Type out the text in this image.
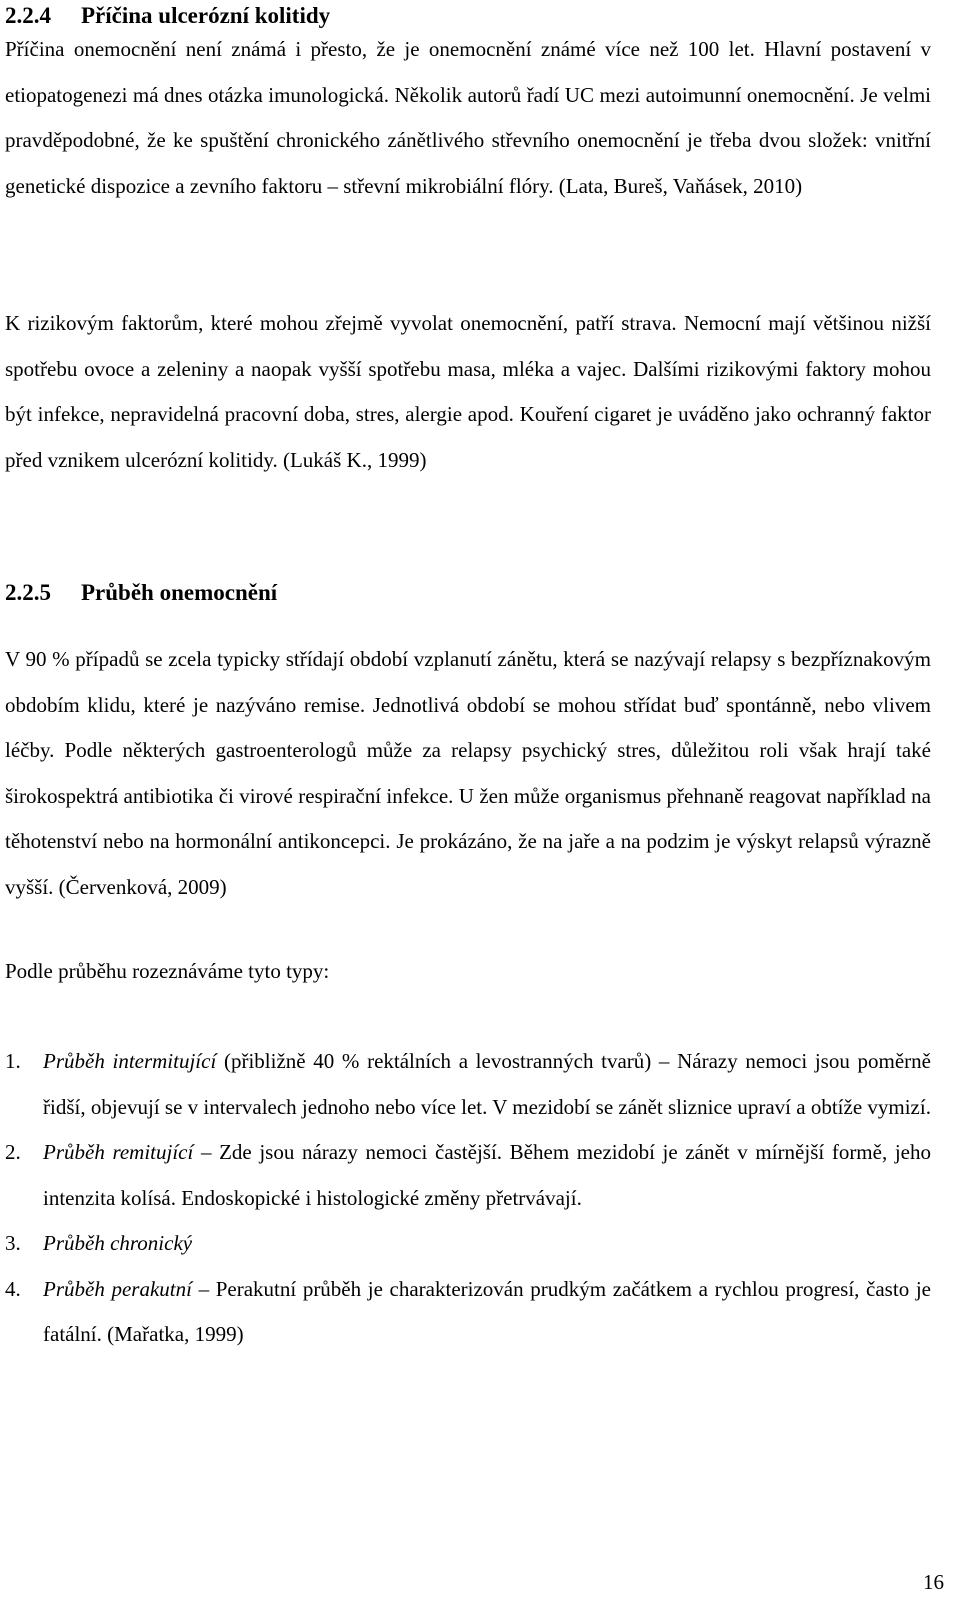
2.2.4 Příčina ulcerózní kolitidy

Příčina onemocnění není známá i přesto, že je onemocnění známé více než 100 let. Hlavní postavení v etiopatogenezi má dnes otázka imunologická. Několik autorů řadí UC mezi autoimunní onemocnění. Je velmi pravděpodobné, že ke spuštění chronického zánětlivého střevního onemocnění je třeba dvou složek: vnitřní genetické dispozice a zevního faktoru – střevní mikrobiální flóry. (Lata, Bureš, Vaňásek, 2010)

K rizikovým faktorům, které mohou zřejmě vyvolat onemocnění, patří strava. Nemocní mají většinou nižší spotřebu ovoce a zeleniny a naopak vyšší spotřebu masa, mléka a vajec. Dalšími rizikovými faktory mohou být infekce, nepravidelná pracovní doba, stres, alergie apod. Kouření cigaret je uváděno jako ochranný faktor před vznikem ulcerózní kolitidy. (Lukáš K., 1999)

2.2.5 Průběh onemocnění

V 90 % případů se zcela typicky střídají období vzplanutí zánětu, která se nazývají relapsy s bezpříznakovým obdobím klidu, které je nazýváno remise. Jednotlivá období se mohou střídat buď spontánně, nebo vlivem léčby. Podle některých gastroenterologů může za relapsy psychický stres, důležitou roli však hrají také širokospektrá antibiotika či virové respirační infekce. U žen může organismus přehnaně reagovat například na těhotenství nebo na hormonální antikoncepci. Je prokázáno, že na jaře a na podzim je výskyt relapsů výrazně vyšší. (Červenková, 2009)

Podle průběhu rozeznáváme tyto typy:

1. Průběh intermitující (přibližně 40 % rektálních a levostranných tvarů) – Nárazy nemoci jsou poměrně řidší, objevují se v intervalech jednoho nebo více let. V mezidobí se zánět sliznice upraví a obtíže vymizí.
2. Průběh remitující – Zde jsou nárazy nemoci častější. Během mezidobí je zánět v mírnější formě, jeho intenzita kolísá. Endoskopické i histologické změny přetrvávají.
3. Průběh chronický
4. Průběh perakutní – Perakutní průběh je charakterizován prudkým začátkem a rychlou progresí, často je fatální. (Mařatka, 1999)
16
